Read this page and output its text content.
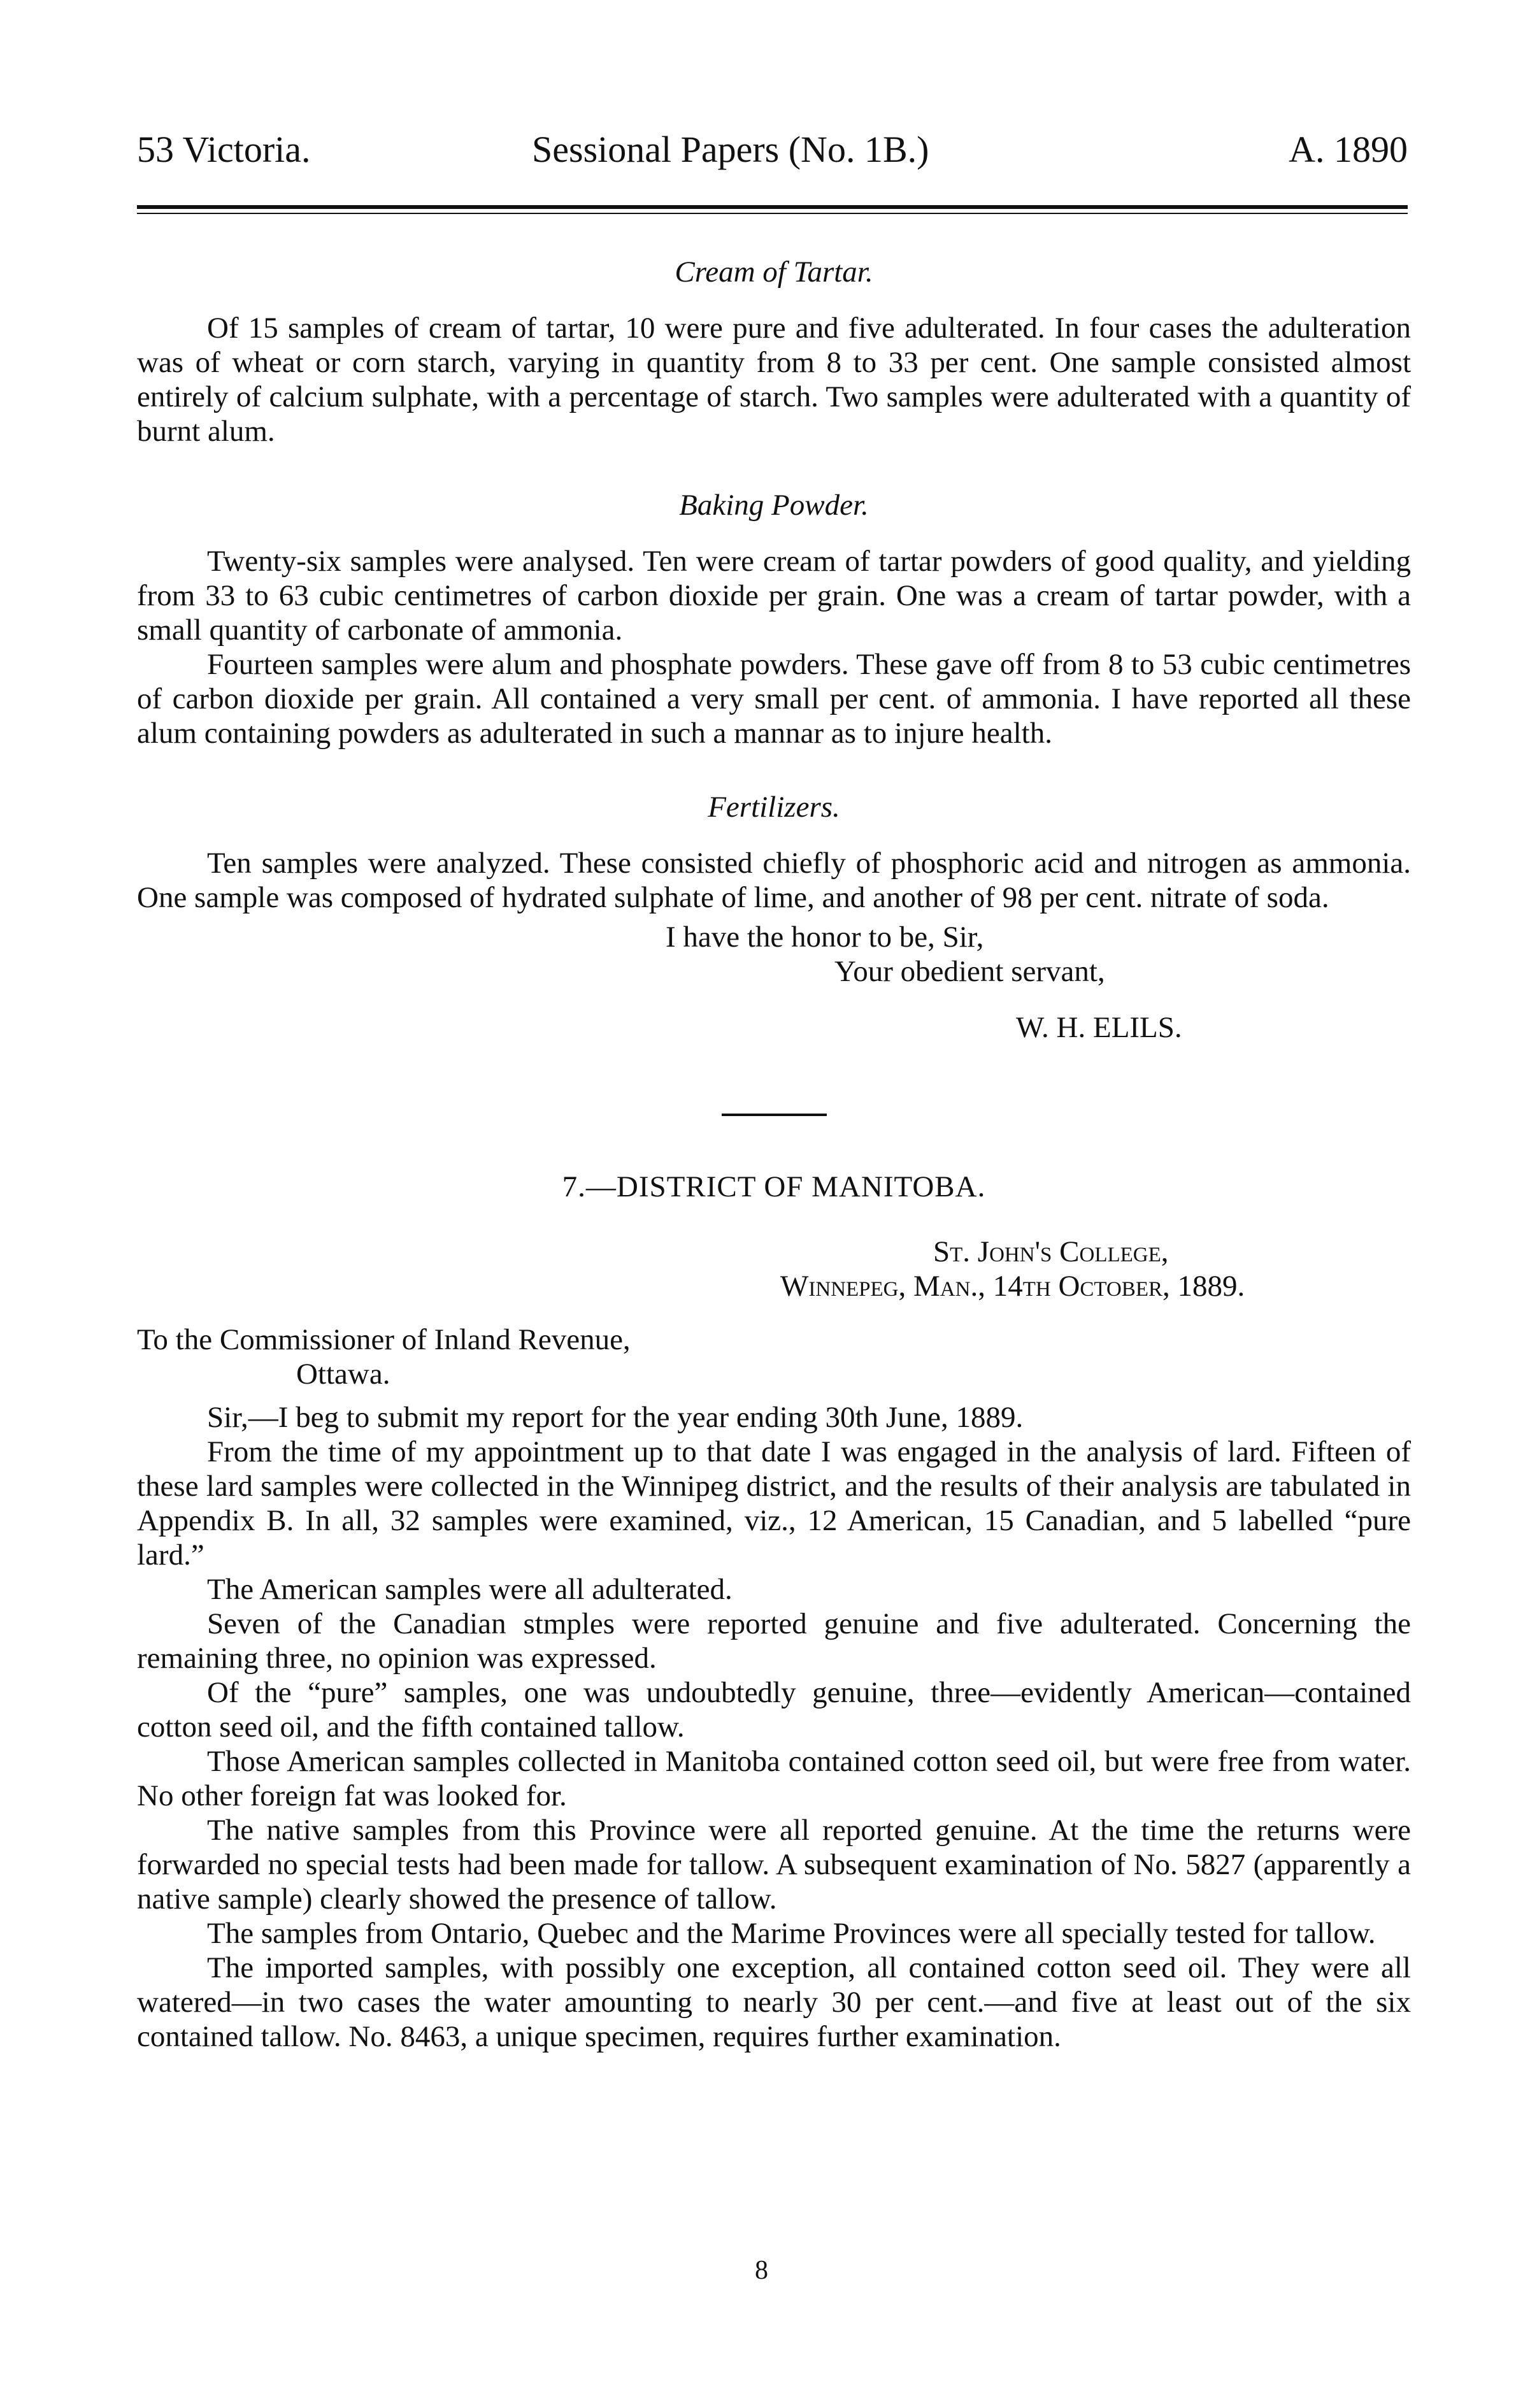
53 Victoria.	Sessional Papers (No. 1B.)	A. 1890
Cream of Tartar.

Of 15 samples of cream of tartar, 10 were pure and five adulterated. In four cases the adulteration was of wheat or corn starch, varying in quantity from 8 to 33 per cent. One sample consisted almost entirely of calcium sulphate, with a percentage of starch. Two samples were adulterated with a quantity of burnt alum.

Baking Powder.

Twenty-six samples were analysed. Ten were cream of tartar powders of good quality, and yielding from 33 to 63 cubic centimetres of carbon dioxide per grain. One was a cream of tartar powder, with a small quantity of carbonate of ammonia.

Fourteen samples were alum and phosphate powders. These gave off from 8 to 53 cubic centimetres of carbon dioxide per grain. All contained a very small per cent. of ammonia. I have reported all these alum containing powders as adulterated in such a mannar as to injure health.

Fertilizers.

Ten samples were analyzed. These consisted chiefly of phosphoric acid and nitrogen as ammonia. One sample was composed of hydrated sulphate of lime, and another of 98 per cent. nitrate of soda.

I have the honor to be, Sir,

Your obedient servant,

W. H. ELILS.

7.—DISTRICT OF MANITOBA.

St. John's College,

Winnepeg, Man., 14th October, 1889.

To the Commissioner of Inland Revenue,

Ottawa.

Sir,—I beg to submit my report for the year ending 30th June, 1889.

From the time of my appointment up to that date I was engaged in the analysis of lard. Fifteen of these lard samples were collected in the Winnipeg district, and the results of their analysis are tabulated in Appendix B. In all, 32 samples were examined, viz., 12 American, 15 Canadian, and 5 labelled “pure lard.”

The American samples were all adulterated.

Seven of the Canadian stmples were reported genuine and five adulterated. Concerning the remaining three, no opinion was expressed.

Of the “pure” samples, one was undoubtedly genuine, three—evidently American—contained cotton seed oil, and the fifth contained tallow.

Those American samples collected in Manitoba contained cotton seed oil, but were free from water. No other foreign fat was looked for.

The native samples from this Province were all reported genuine. At the time the returns were forwarded no special tests had been made for tallow. A subsequent examination of No. 5827 (apparently a native sample) clearly showed the presence of tallow.

The samples from Ontario, Quebec and the Marime Provinces were all specially tested for tallow.

The imported samples, with possibly one exception, all contained cotton seed oil. They were all watered—in two cases the water amounting to nearly 30 per cent.—and five at least out of the six contained tallow. No. 8463, a unique specimen, requires further examination.

8
